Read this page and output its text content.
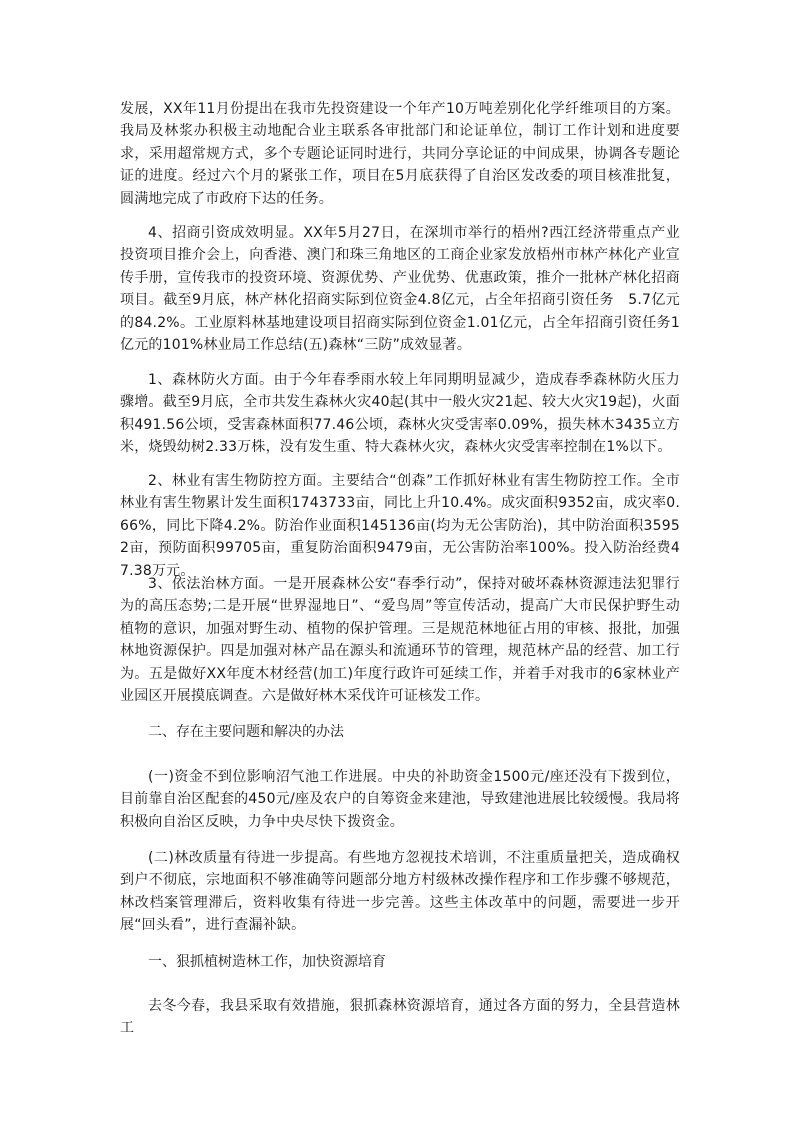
发展，XX年11月份提出在我市先投资建设一个年产10万吨差别化化学纤维项目的方案。我局及林浆办积极主动地配合业主联系各审批部门和论证单位，制订工作计划和进度要求，采用超常规方式，多个专题论证同时进行，共同分享论证的中间成果，协调各专题论证的进度。经过六个月的紧张工作，项目在5月底获得了自治区发改委的项目核准批复，圆满地完成了市政府下达的任务。

4、招商引资成效明显。XX年5月27日，在深圳市举行的梧州?西江经济带重点产业投资项目推介会上，向香港、澳门和珠三角地区的工商企业家发放梧州市林产林化产业宣传手册，宣传我市的投资环境、资源优势、产业优势、优惠政策，推介一批林产林化招商项目。截至9月底，林产林化招商实际到位资金4.8亿元，占全年招商引资任务　5.7亿元的84.2%。工业原料林基地建设项目招商实际到位资金1.01亿元，占全年招商引资任务1亿元的101%林业局工作总结(五)森林“三防”成效显著。

1、森林防火方面。由于今年春季雨水较上年同期明显减少，造成春季森林防火压力骤增。截至9月底，全市共发生森林火灾40起(其中一般火灾21起、较大火灾19起)，火面积491.56公顷，受害森林面积77.46公顷，森林火灾受害率0.09%，损失林木3435立方米，烧毁幼树2.33万株，没有发生重、特大森林火灾，森林火灾受害率控制在1%以下。

2、林业有害生物防控方面。主要结合“创森”工作抓好林业有害生物防控工作。全市林业有害生物累计发生面积1743733亩，同比上升10.4%。成灾面积9352亩，成灾率0.66%，同比下降4.2%。防治作业面积145136亩(均为无公害防治)，其中防治面积35952亩，预防面积99705亩，重复防治面积9479亩，无公害防治率100%。投入防治经费47.38万元。

3、依法治林方面。一是开展森林公安“春季行动”，保持对破坏森林资源违法犯罪行为的高压态势;二是开展“世界湿地日”、“爱鸟周”等宣传活动，提高广大市民保护野生动植物的意识，加强对野生动、植物的保护管理。三是规范林地征占用的审核、报批，加强林地资源保护。四是加强对林产品在源头和流通环节的管理，规范林产品的经营、加工行为。五是做好XX年度木材经营(加工)年度行政许可延续工作，并着手对我市的6家林业产业园区开展摸底调查。六是做好林木采伐许可证核发工作。

二、存在主要问题和解决的办法

(一)资金不到位影响沼气池工作进展。中央的补助资金1500元/座还没有下拨到位，目前靠自治区配套的450元/座及农户的自筹资金来建池，导致建池进展比较缓慢。我局将积极向自治区反映，力争中央尽快下拨资金。

(二)林改质量有待进一步提高。有些地方忽视技术培训，不注重质量把关，造成确权到户不彻底，宗地面积不够准确等问题部分地方村级林改操作程序和工作步骤不够规范，林改档案管理滞后，资料收集有待进一步完善。这些主体改革中的问题，需要进一步开展“回头看”，进行查漏补缺。

一、狠抓植树造林工作，加快资源培育

去冬今春，我县采取有效措施，狠抓森林资源培育，通过各方面的努力，全县营造林工
